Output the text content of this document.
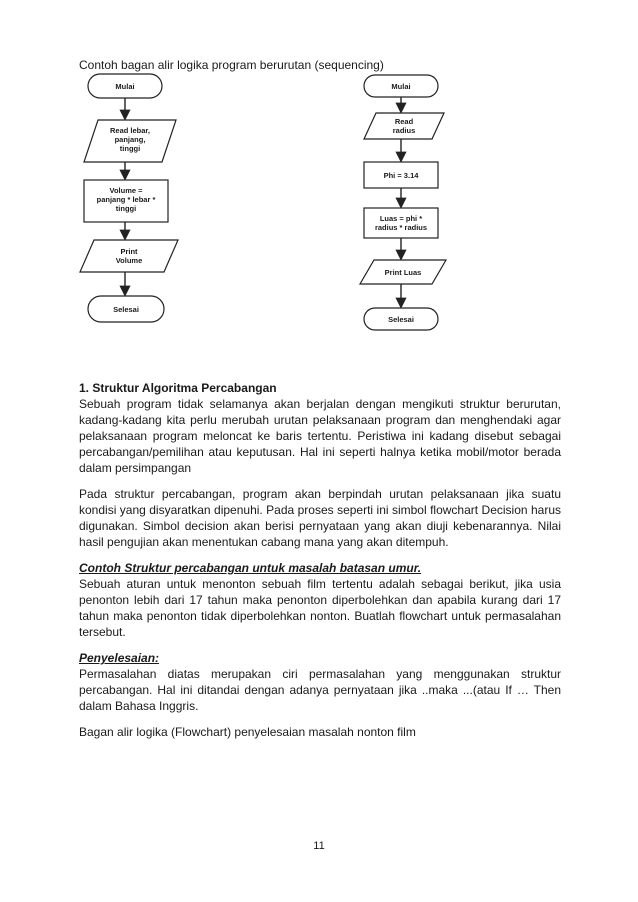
Contoh bagan alir logika program berurutan (sequencing)
Mulai
Read lebar,
panjang,
tinggi
Volume =
panjang * lebar *
tinggi
Print
Volume
Selesai
Mulai
Read
radius
Phi = 3.14
Luas = phi *
radius * radius
Print Luas
Selesai

1. Struktur Algoritma Percabangan

Sebuah program tidak selamanya akan berjalan dengan mengikuti struktur berurutan, kadang-kadang kita perlu merubah urutan pelaksanaan program dan menghendaki agar pelaksanaan program meloncat ke baris tertentu. Peristiwa ini kadang disebut sebagai percabangan/pemilihan atau keputusan. Hal ini seperti halnya ketika mobil/motor berada dalam persimpangan

Pada struktur percabangan, program akan berpindah urutan pelaksanaan jika suatu kondisi yang disyaratkan dipenuhi. Pada proses seperti ini simbol flowchart Decision harus digunakan. Simbol decision akan berisi pernyataan yang akan diuji kebenarannya. Nilai hasil pengujian akan menentukan cabang mana yang akan ditempuh.

Contoh Struktur percabangan untuk masalah batasan umur.

Sebuah aturan untuk menonton sebuah film tertentu adalah sebagai berikut, jika usia penonton lebih dari 17 tahun maka penonton diperbolehkan dan apabila kurang dari 17 tahun maka penonton tidak diperbolehkan nonton. Buatlah flowchart untuk permasalahan tersebut.

Penyelesaian:

Permasalahan diatas merupakan ciri permasalahan yang menggunakan struktur percabangan. Hal ini ditandai dengan adanya pernyataan jika ..maka ...(atau If … Then dalam Bahasa Inggris.

Bagan alir logika (Flowchart) penyelesaian masalah nonton film

11
